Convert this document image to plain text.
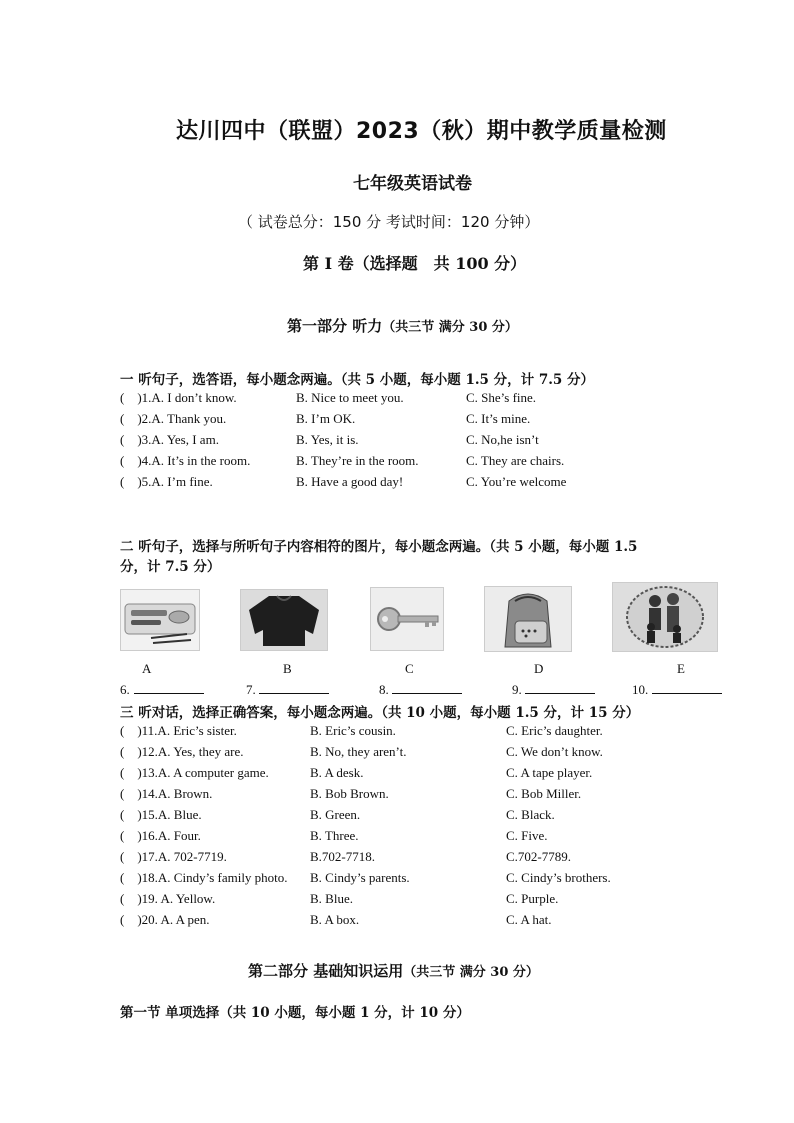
达川四中（联盟）2023（秋）期中教学质量检测
七年级英语试卷
（ 试卷总分：150 分 考试时间：120 分钟）
第 I 卷（选择题　共 100 分）
第一部分 听力（共三节 满分 30 分）
一 听句子，选答语，每小题念两遍。（共 5 小题，每小题 1.5 分，计 7.5 分）
(　)1.A. I don’t know.	B. Nice to meet you.	C. She’s fine.
(　)2.A. Thank you.	B. I’m OK.	C. It’s mine.
(　)3.A. Yes, I am.	B. Yes, it is.	C. No,he isn’t
(　)4.A. It’s in the room.	B. They’re in the room.	C. They are chairs.
(　)5.A. I’m fine.	B. Have a good day!	C. You’re welcome
二 听句子，选择与所听句子内容相符的图片，每小题念两遍。（共 5 小题，每小题 1.5
分，计 7.5 分）
A	B	C	D	E
6.	7.	8.	9.	10.
三 听对话，选择正确答案，每小题念两遍。（共 10 小题，每小题 1.5 分，计 15 分）
(　)11.A. Eric’s sister.	B. Eric’s cousin.	C. Eric’s daughter.
(　)12.A. Yes, they are.	B. No, they aren’t.	C. We don’t know.
(　)13.A. A computer game.	B. A desk.	C. A tape player.
(　)14.A. Brown.	B. Bob Brown.	C. Bob Miller.
(　)15.A. Blue.	B. Green.	C. Black.
(　)16.A. Four.	B. Three.	C. Five.
(　)17.A. 702-7719.	B.702-7718.	C.702-7789.
(　)18.A. Cindy’s family photo. B. Cindy’s parents.	C. Cindy’s brothers.
(　)19. A. Yellow.	B. Blue.	C. Purple.
(　)20. A. A pen.	B. A box.	C. A hat.
第二部分 基础知识运用（共三节 满分 30 分）
第一节 单项选择（共 10 小题，每小题 1 分，计 10 分）
